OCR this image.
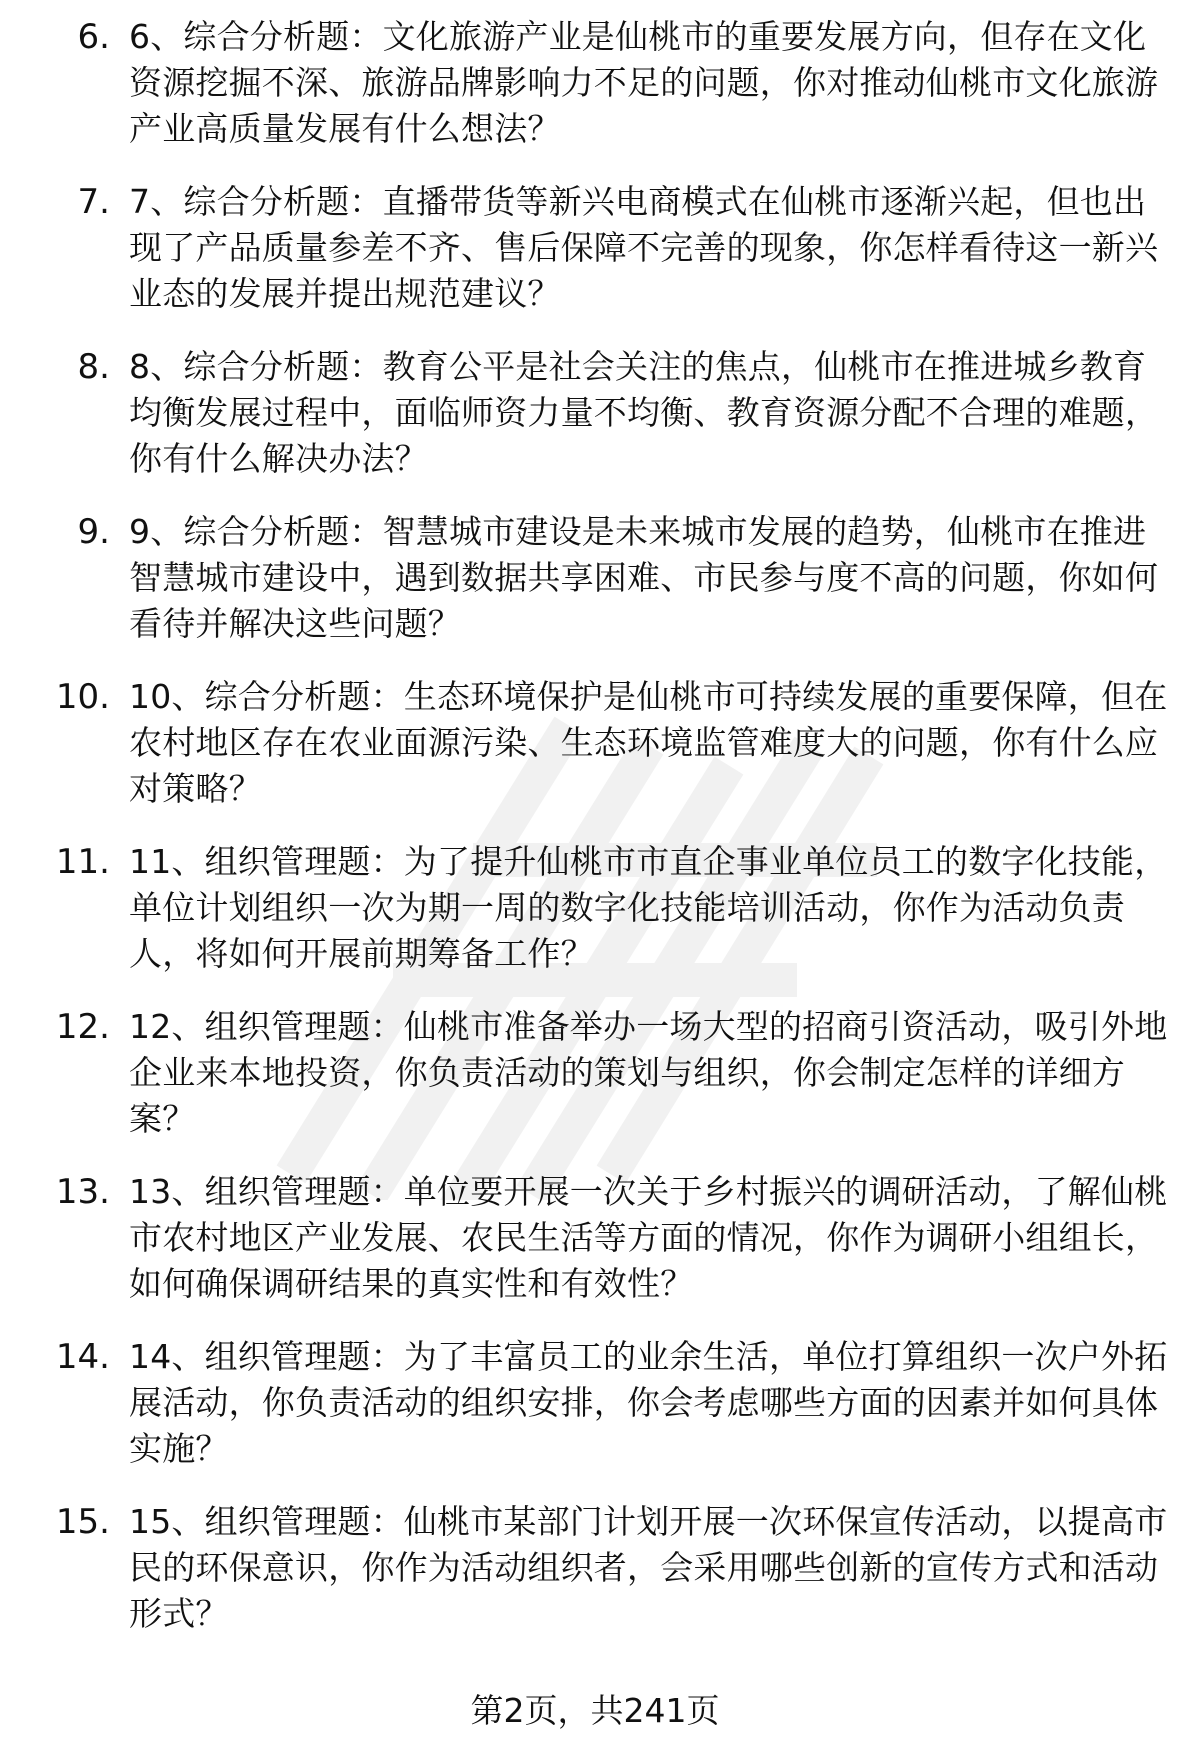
6. 6、综合分析题：文化旅游产业是仙桃市的重要发展方向，但存在文化资源挖掘不深、旅游品牌影响力不足的问题，你对推动仙桃市文化旅游产业高质量发展有什么想法？
7. 7、综合分析题：直播带货等新兴电商模式在仙桃市逐渐兴起，但也出现了产品质量参差不齐、售后保障不完善的现象，你怎样看待这一新兴业态的发展并提出规范建议？
8. 8、综合分析题：教育公平是社会关注的焦点，仙桃市在推进城乡教育均衡发展过程中，面临师资力量不均衡、教育资源分配不合理的难题，你有什么解决办法？
9. 9、综合分析题：智慧城市建设是未来城市发展的趋势，仙桃市在推进智慧城市建设中，遇到数据共享困难、市民参与度不高的问题，你如何看待并解决这些问题？
10. 10、综合分析题：生态环境保护是仙桃市可持续发展的重要保障，但在农村地区存在农业面源污染、生态环境监管难度大的问题，你有什么应对策略？
11. 11、组织管理题：为了提升仙桃市市直企事业单位员工的数字化技能，单位计划组织一次为期一周的数字化技能培训活动，你作为活动负责人，将如何开展前期筹备工作？
12. 12、组织管理题：仙桃市准备举办一场大型的招商引资活动，吸引外地企业来本地投资，你负责活动的策划与组织，你会制定怎样的详细方案？
13. 13、组织管理题：单位要开展一次关于乡村振兴的调研活动，了解仙桃市农村地区产业发展、农民生活等方面的情况，你作为调研小组组长，如何确保调研结果的真实性和有效性？
14. 14、组织管理题：为了丰富员工的业余生活，单位打算组织一次户外拓展活动，你负责活动的组织安排，你会考虑哪些方面的因素并如何具体实施？
15. 15、组织管理题：仙桃市某部门计划开展一次环保宣传活动，以提高市民的环保意识，你作为活动组织者，会采用哪些创新的宣传方式和活动形式？
第2页，共241页
